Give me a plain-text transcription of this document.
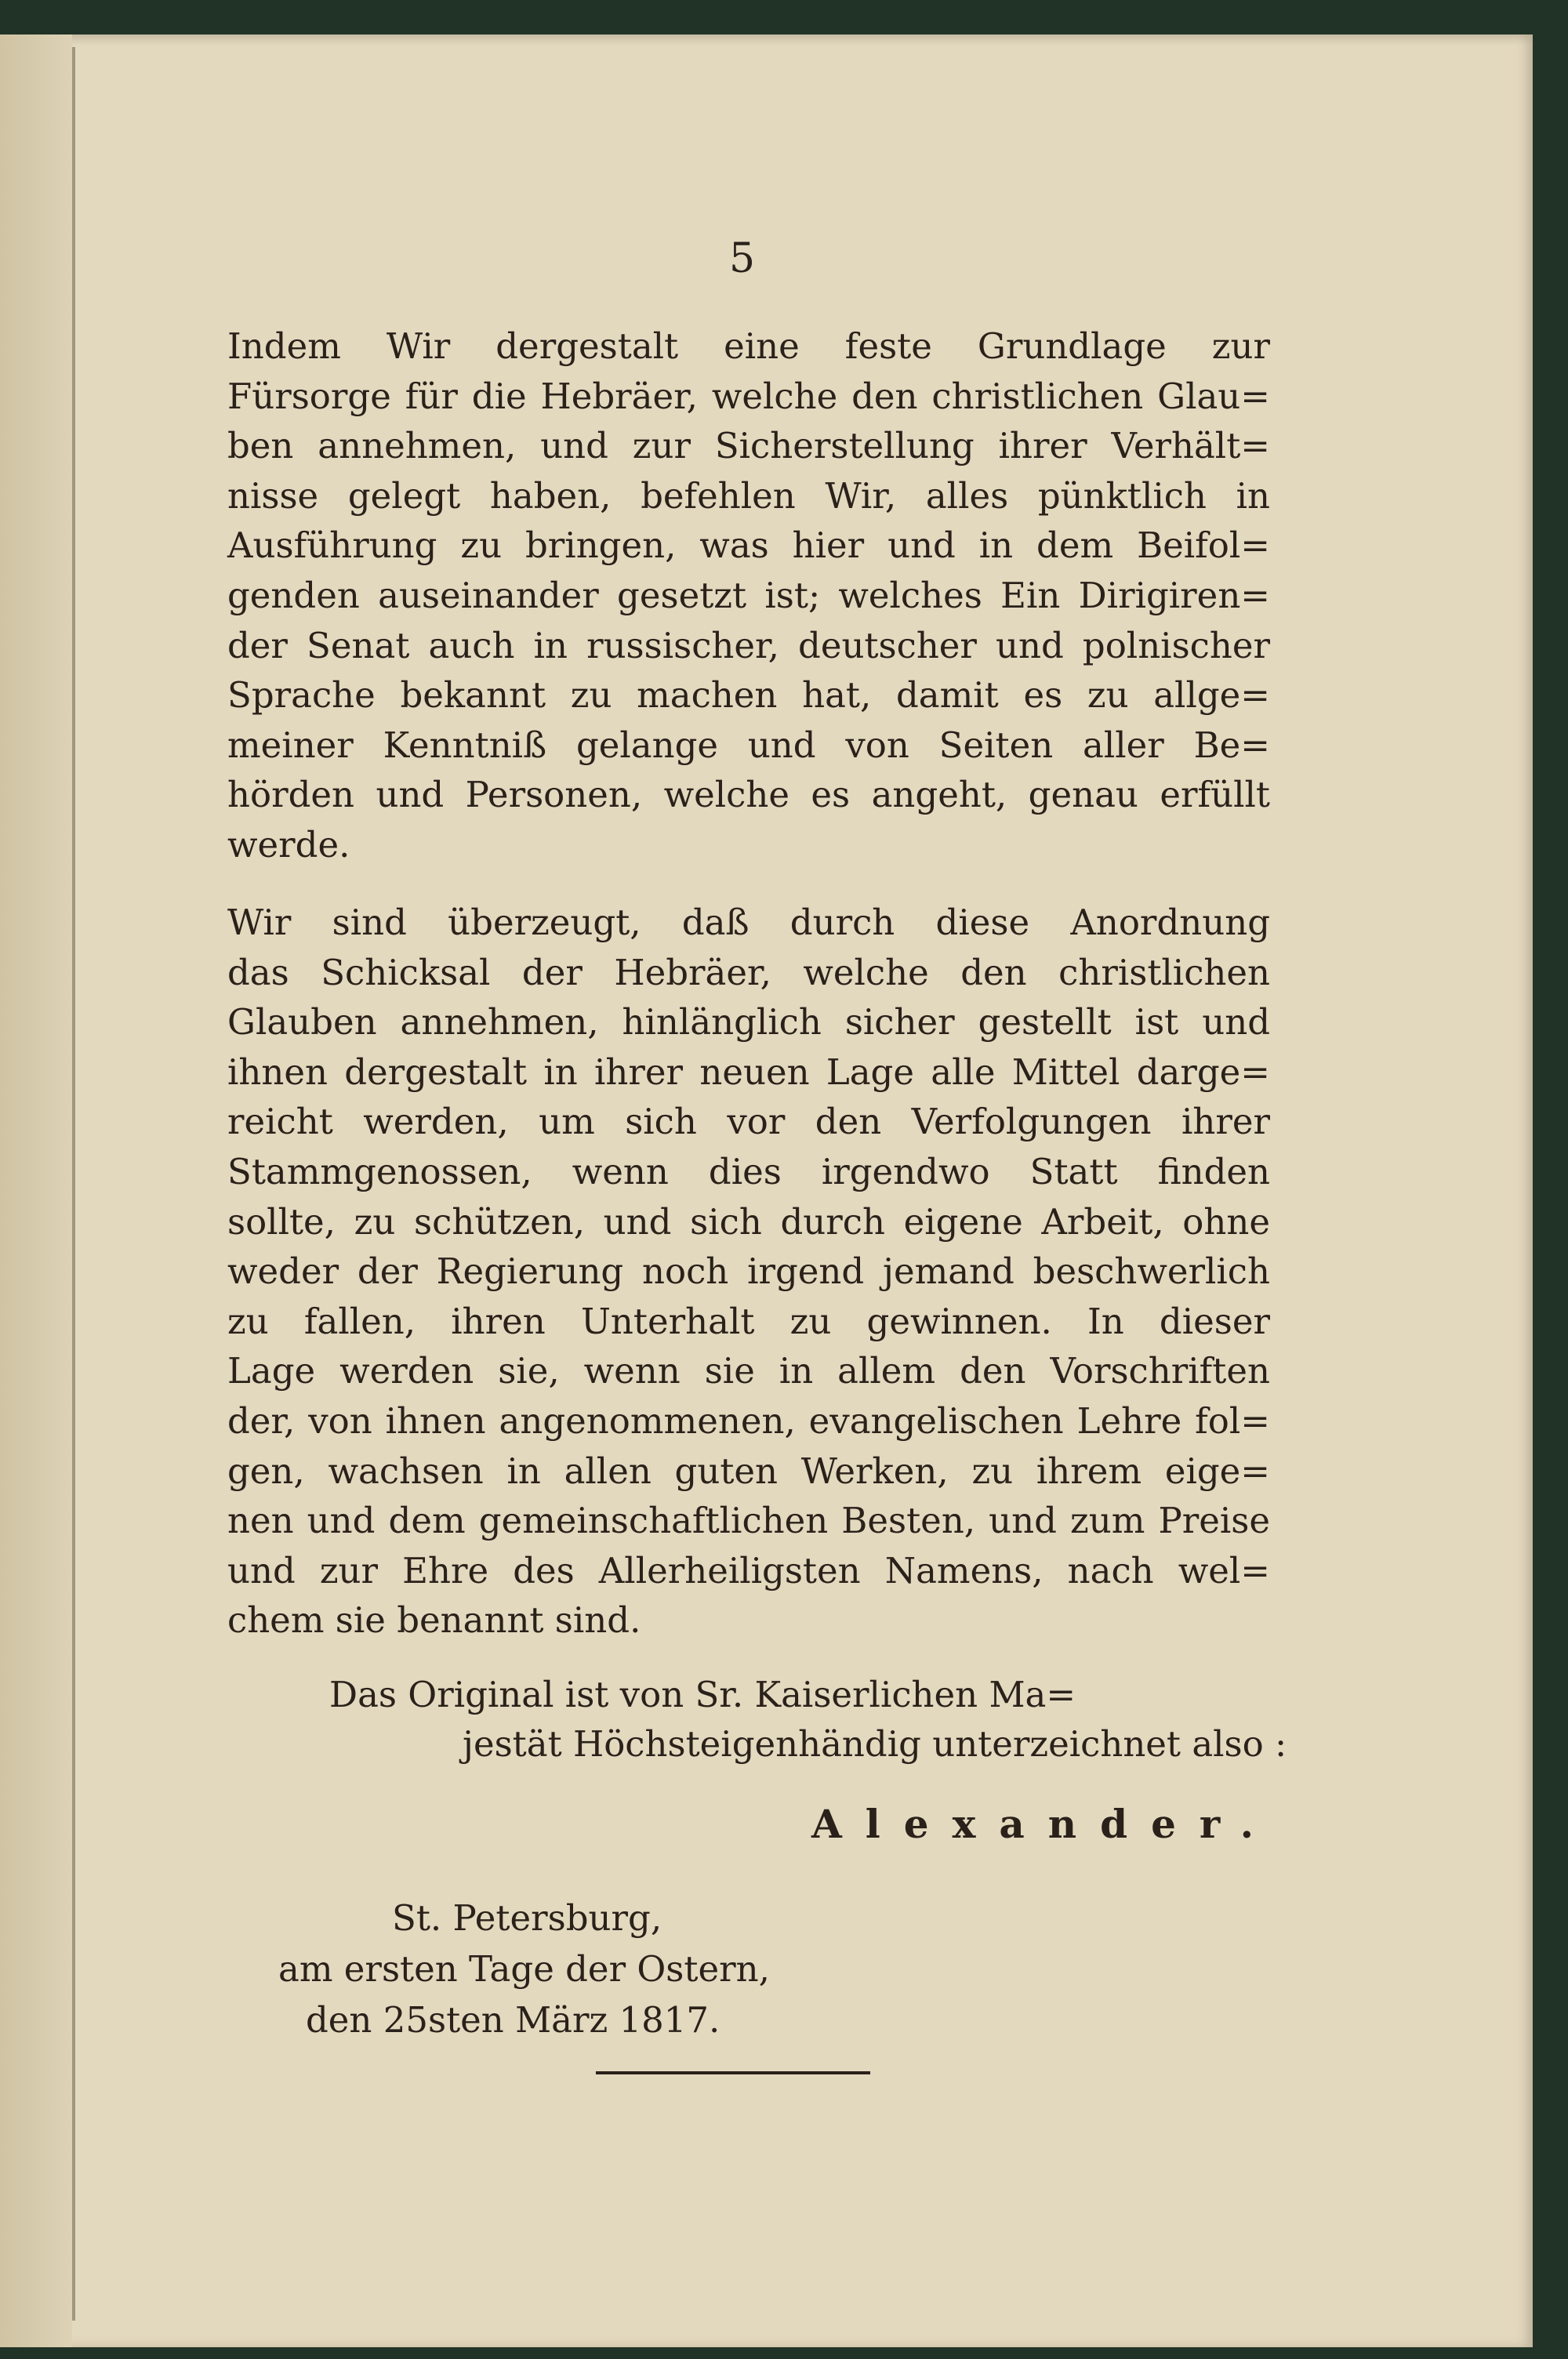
5
Indem Wir dergestalt eine feste Grundlage zur
Fürsorge für die Hebräer, welche den christlichen Glau=
ben annehmen, und zur Sicherstellung ihrer Verhält=
nisse gelegt haben, befehlen Wir, alles pünktlich in
Ausführung zu bringen, was hier und in dem Beifol=
genden auseinander gesetzt ist; welches Ein Dirigiren=
der Senat auch in russischer, deutscher und polnischer
Sprache bekannt zu machen hat, damit es zu allge=
meiner Kenntniß gelange und von Seiten aller Be=
hörden und Personen, welche es angeht, genau erfüllt
werde.
Wir sind überzeugt, daß durch diese Anordnung
das Schicksal der Hebräer, welche den christlichen
Glauben annehmen, hinlänglich sicher gestellt ist und
ihnen dergestalt in ihrer neuen Lage alle Mittel darge=
reicht werden, um sich vor den Verfolgungen ihrer
Stammgenossen, wenn dies irgendwo Statt finden
sollte, zu schützen, und sich durch eigene Arbeit, ohne
weder der Regierung noch irgend jemand beschwerlich
zu fallen, ihren Unterhalt zu gewinnen. In dieser
Lage werden sie, wenn sie in allem den Vorschriften
der, von ihnen angenommenen, evangelischen Lehre fol=
gen, wachsen in allen guten Werken, zu ihrem eige=
nen und dem gemeinschaftlichen Besten, und zum Preise
und zur Ehre des Allerheiligsten Namens, nach wel=
chem sie benannt sind.
Das Original ist von Sr. Kaiserlichen Ma=
jestät Höchsteigenhändig unterzeichnet also :
Alexander.
St. Petersburg,
am ersten Tage der Ostern,
den 25sten März 1817.
